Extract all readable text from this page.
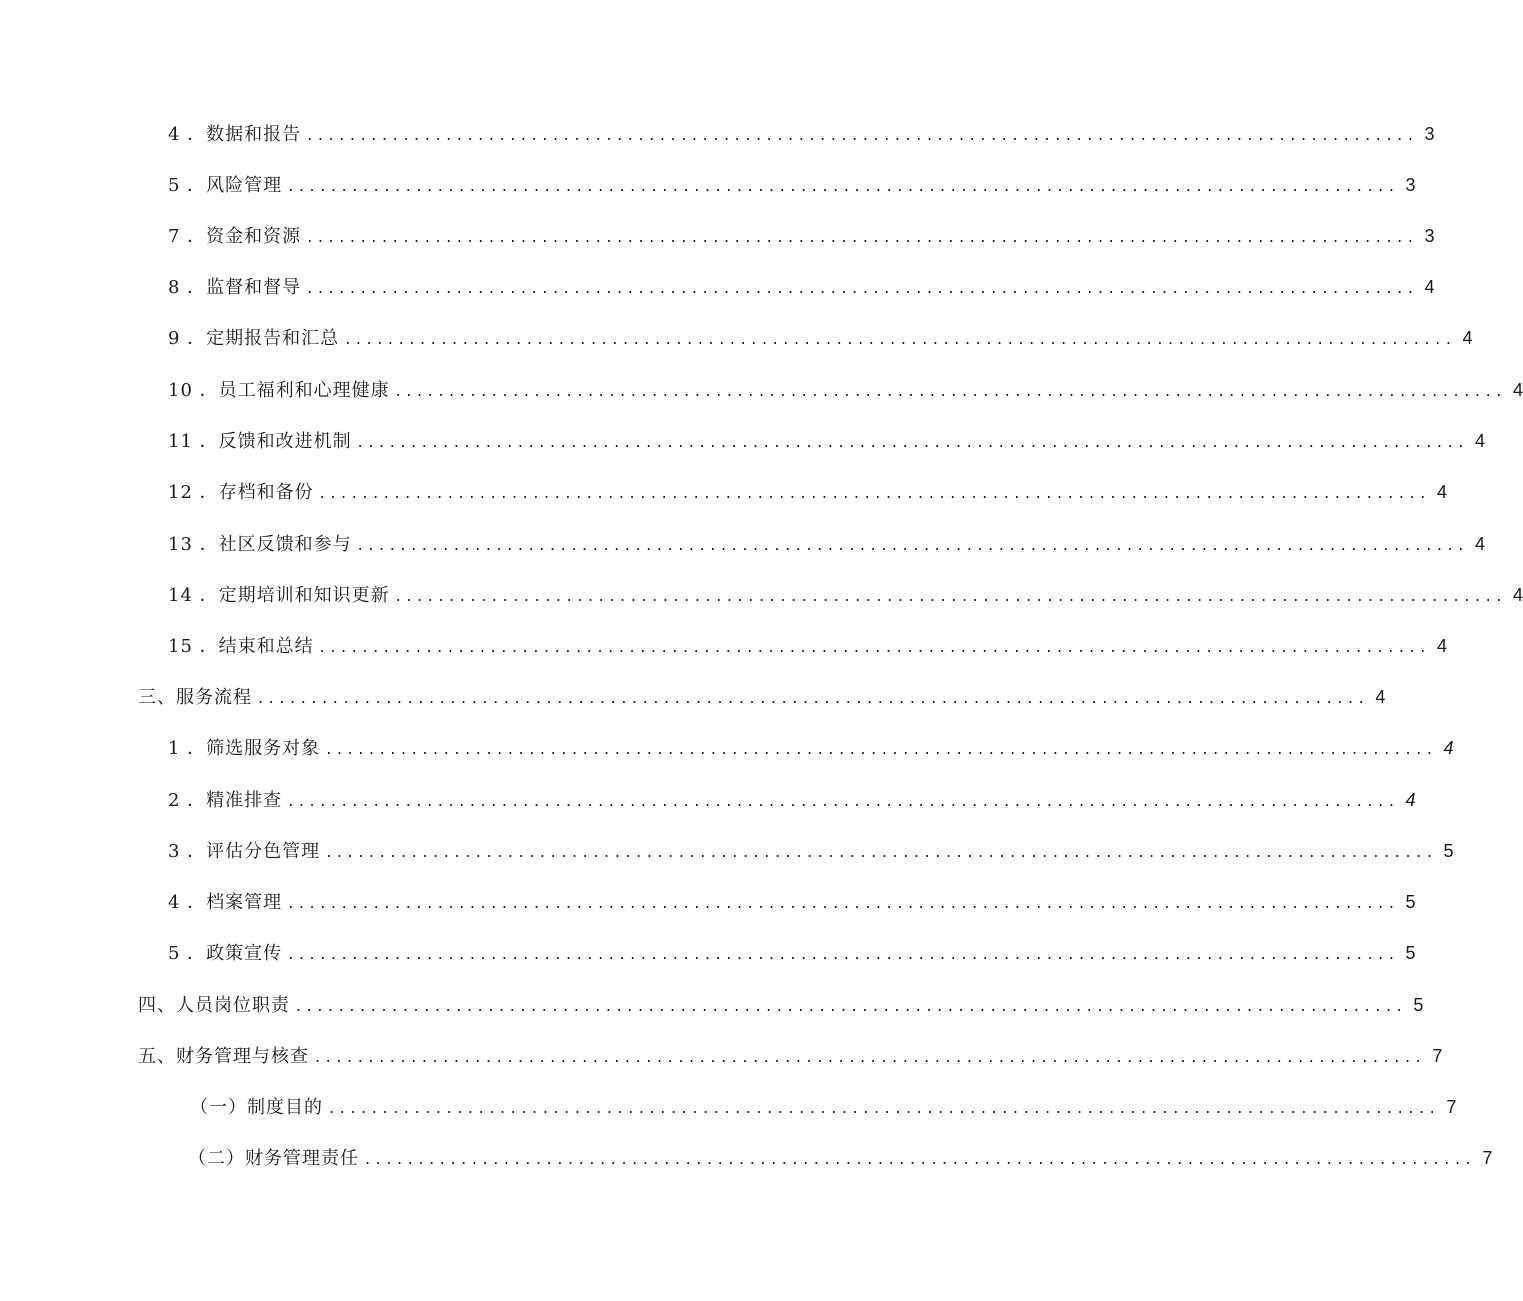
4 ．数据和报告 ........................................................................................................ 3
5 ．风险管理 ........................................................................................................ 3
7 ．资金和资源 ........................................................................................................ 3
8 ．监督和督导 ........................................................................................................ 4
9 ．定期报告和汇总 ........................................................................................................ 4
10 ．员工福利和心理健康 ........................................................................................................ 4
11 ．反馈和改进机制 ........................................................................................................ 4
12 ．存档和备份 ........................................................................................................ 4
13 ．社区反馈和参与 ........................................................................................................ 4
14 ．定期培训和知识更新 ........................................................................................................ 4
15 ．结束和总结 ........................................................................................................ 4
三、服务流程 ........................................................................................................ 4
1 ．筛选服务对象 ........................................................................................................ 4
2 ．精准排查 ........................................................................................................ 4
3 ．评估分色管理 ........................................................................................................ 5
4 ．档案管理 ........................................................................................................ 5
5 ．政策宣传 ........................................................................................................ 5
四、人员岗位职责 ........................................................................................................ 5
五、财务管理与核查 ........................................................................................................ 7
（一）制度目的 ........................................................................................................ 7
（二）财务管理责任 ........................................................................................................ 7
